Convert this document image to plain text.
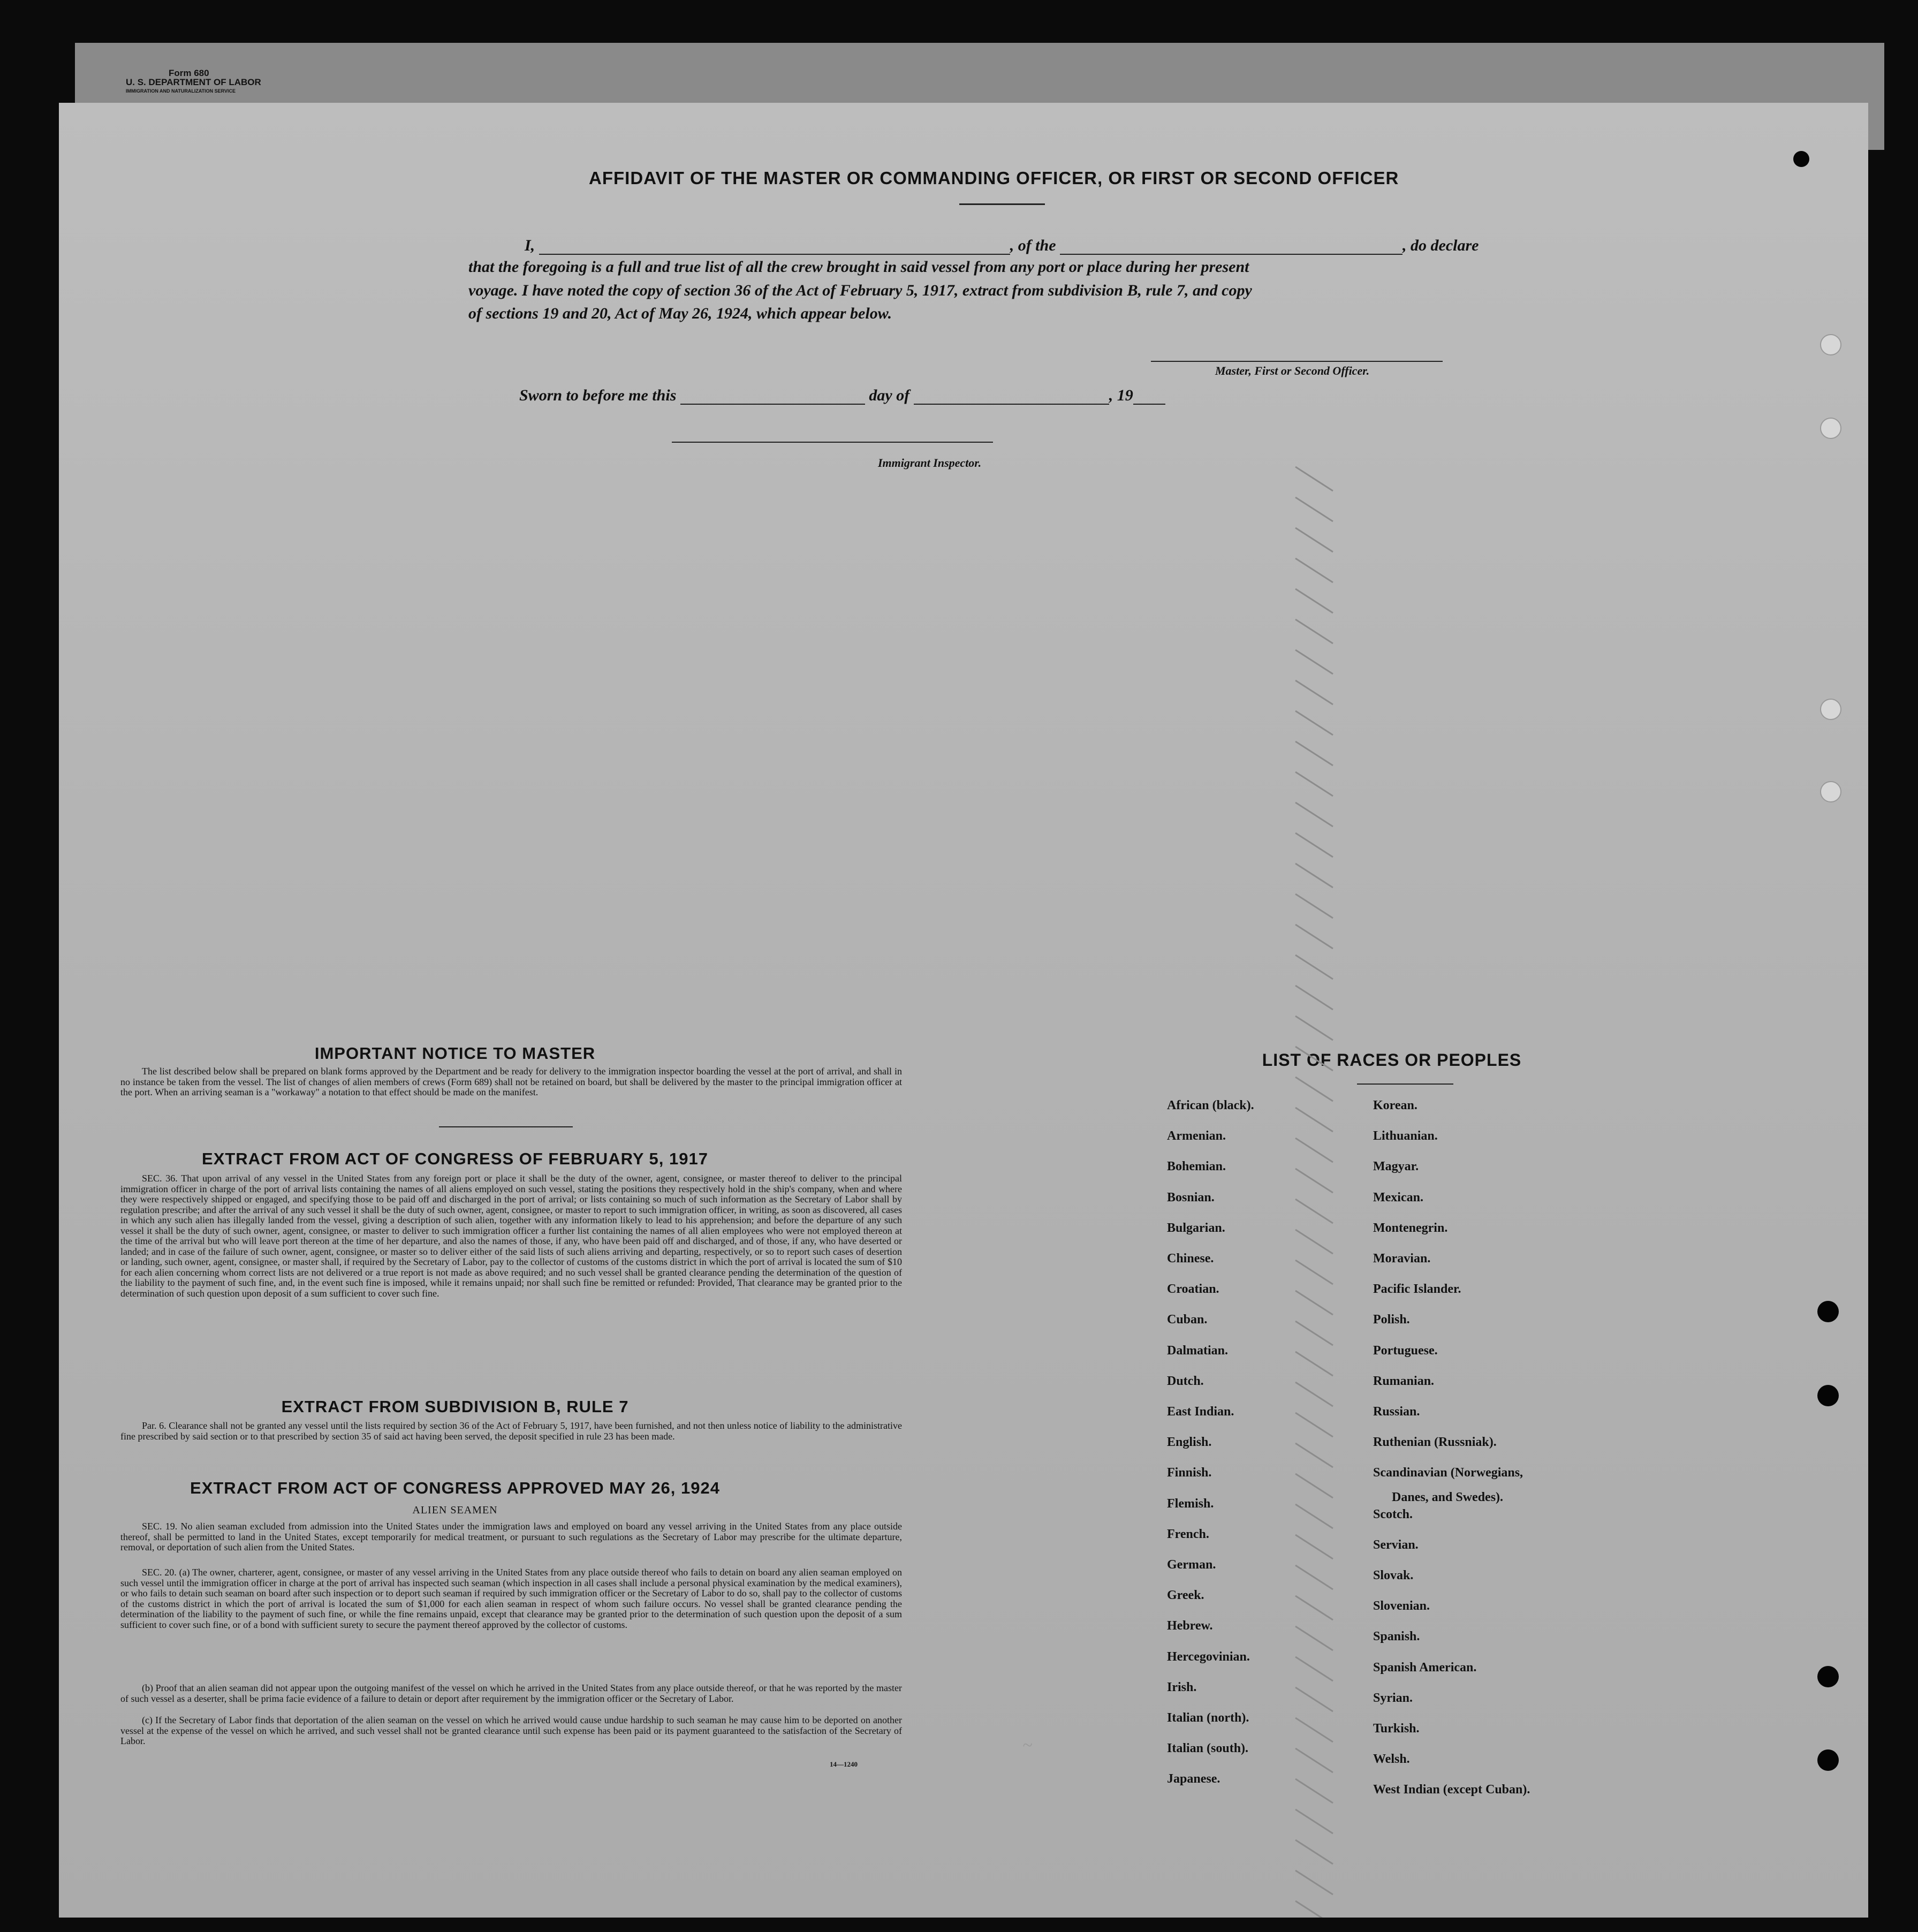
Form 680
U. S. DEPARTMENT OF LABOR
IMMIGRATION AND NATURALIZATION SERVICE
AFFIDAVIT OF THE MASTER OR COMMANDING OFFICER, OR FIRST OR SECOND OFFICER
I,	, of the	, do declare
that the foregoing is a full and true list of all the crew brought in said vessel from any port or place during her present
voyage. I have noted the copy of section 36 of the Act of February 5, 1917, extract from subdivision B, rule 7, and copy
of sections 19 and 20, Act of May 26, 1924, which appear below.
Master, First or Second Officer.
Sworn to before me this	day of	, 19
Immigrant Inspector.
IMPORTANT NOTICE TO MASTER
The list described below shall be prepared on blank forms approved by the Department and be ready for delivery to the immigration inspector boarding the vessel at the port of arrival, and shall in no instance be taken from the vessel. The list of changes of alien members of crews (Form 689) shall not be retained on board, but shall be delivered by the master to the principal immigration officer at the port. When an arriving seaman is a "workaway" a notation to that effect should be made on the manifest.
EXTRACT FROM ACT OF CONGRESS OF FEBRUARY 5, 1917
SEC. 36. That upon arrival of any vessel in the United States from any foreign port or place it shall be the duty of the owner, agent, consignee, or master thereof to deliver to the principal immigration officer in charge of the port of arrival lists containing the names of all aliens employed on such vessel, stating the positions they respectively hold in the ship's company, when and where they were respectively shipped or engaged, and specifying those to be paid off and discharged in the port of arrival; or lists containing so much of such information as the Secretary of Labor shall by regulation prescribe; and after the arrival of any such vessel it shall be the duty of such owner, agent, consignee, or master to report to such immigration officer, in writing, as soon as discovered, all cases in which any such alien has illegally landed from the vessel, giving a description of such alien, together with any information likely to lead to his apprehension; and before the departure of any such vessel it shall be the duty of such owner, agent, consignee, or master to deliver to such immigration officer a further list containing the names of all alien employees who were not employed thereon at the time of the arrival but who will leave port thereon at the time of her departure, and also the names of those, if any, who have been paid off and discharged, and of those, if any, who have deserted or landed; and in case of the failure of such owner, agent, consignee, or master so to deliver either of the said lists of such aliens arriving and departing, respectively, or so to report such cases of desertion or landing, such owner, agent, consignee, or master shall, if required by the Secretary of Labor, pay to the collector of customs of the customs district in which the port of arrival is located the sum of $10 for each alien concerning whom correct lists are not delivered or a true report is not made as above required; and no such vessel shall be granted clearance pending the determination of the question of the liability to the payment of such fine, and, in the event such fine is imposed, while it remains unpaid; nor shall such fine be remitted or refunded: Provided, That clearance may be granted prior to the determination of such question upon deposit of a sum sufficient to cover such fine.
EXTRACT FROM SUBDIVISION B, RULE 7
Par. 6. Clearance shall not be granted any vessel until the lists required by section 36 of the Act of February 5, 1917, have been furnished, and not then unless notice of liability to the administrative fine prescribed by said section or to that prescribed by section 35 of said act having been served, the deposit specified in rule 23 has been made.
EXTRACT FROM ACT OF CONGRESS APPROVED MAY 26, 1924
ALIEN SEAMEN
SEC. 19. No alien seaman excluded from admission into the United States under the immigration laws and employed on board any vessel arriving in the United States from any place outside thereof, shall be permitted to land in the United States, except temporarily for medical treatment, or pursuant to such regulations as the Secretary of Labor may prescribe for the ultimate departure, removal, or deportation of such alien from the United States.
SEC. 20. (a) The owner, charterer, agent, consignee, or master of any vessel arriving in the United States from any place outside thereof who fails to detain on board any alien seaman employed on such vessel until the immigration officer in charge at the port of arrival has inspected such seaman (which inspection in all cases shall include a personal physical examination by the medical examiners), or who fails to detain such seaman on board after such inspection or to deport such seaman if required by such immigration officer or the Secretary of Labor to do so, shall pay to the collector of customs of the customs district in which the port of arrival is located the sum of $1,000 for each alien seaman in respect of whom such failure occurs. No vessel shall be granted clearance pending the determination of the liability to the payment of such fine, or while the fine remains unpaid, except that clearance may be granted prior to the determination of such question upon the deposit of a sum sufficient to cover such fine, or of a bond with sufficient surety to secure the payment thereof approved by the collector of customs.
(b) Proof that an alien seaman did not appear upon the outgoing manifest of the vessel on which he arrived in the United States from any place outside thereof, or that he was reported by the master of such vessel as a deserter, shall be prima facie evidence of a failure to detain or deport after requirement by the immigration officer or the Secretary of Labor.
(c) If the Secretary of Labor finds that deportation of the alien seaman on the vessel on which he arrived would cause undue hardship to such seaman he may cause him to be deported on another vessel at the expense of the vessel on which he arrived, and such vessel shall not be granted clearance until such expense has been paid or its payment guaranteed to the satisfaction of the Secretary of Labor.
14—1240
LIST OF RACES OR PEOPLES
African (black).
Armenian.
Bohemian.
Bosnian.
Bulgarian.
Chinese.
Croatian.
Cuban.
Dalmatian.
Dutch.
East Indian.
English.
Finnish.
Flemish.
French.
German.
Greek.
Hebrew.
Hercegovinian.
Irish.
Italian (north).
Italian (south).
Japanese.
Korean.
Lithuanian.
Magyar.
Mexican.
Montenegrin.
Moravian.
Pacific Islander.
Polish.
Portuguese.
Rumanian.
Russian.
Ruthenian (Russniak).
Scandinavian (Norwegians,
Danes, and Swedes).
Scotch.
Servian.
Slovak.
Slovenian.
Spanish.
Spanish American.
Syrian.
Turkish.
Welsh.
West Indian (except Cuban).
~
